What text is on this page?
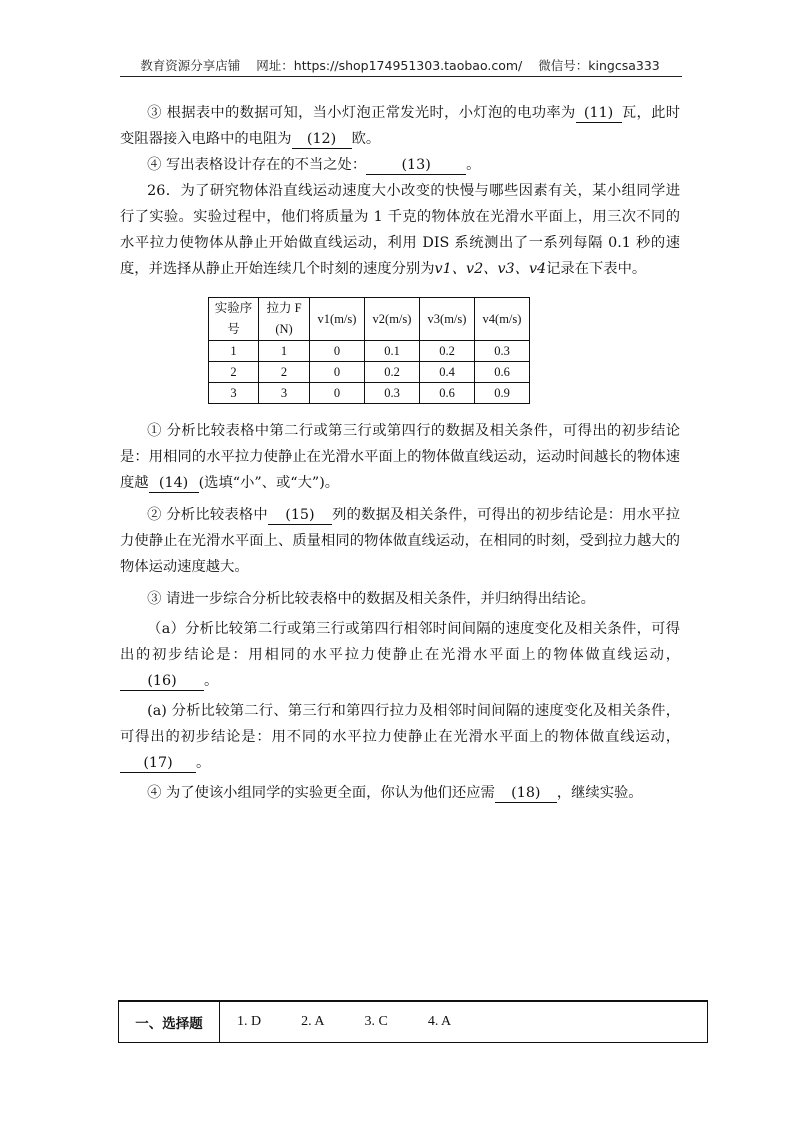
教育资源分享店铺 网址：https://shop174951303.taobao.com/ 微信号：kingcsa333

③ 根据表中的数据可知，当小灯泡正常发光时，小灯泡的电功率为 (11) 瓦，此时变阻器接入电路中的电阻为 (12) 欧。

④ 写出表格设计存在的不当之处： (13) 。

26．为了研究物体沿直线运动速度大小改变的快慢与哪些因素有关，某小组同学进行了实验。实验过程中，他们将质量为 1 千克的物体放在光滑水平面上，用三次不同的水平拉力使物体从静止开始做直线运动，利用 DIS 系统测出了一系列每隔 0.1 秒的速度，并选择从静止开始连续几个时刻的速度分别为v1、v2、v3、v4记录在下表中。

实验序号	拉力 F (N)	v1(m/s)	v2(m/s)	v3(m/s)	v4(m/s)
1	1	0	0.1	0.2	0.3
2	2	0	0.2	0.4	0.6
3	3	0	0.3	0.6	0.9

① 分析比较表格中第二行或第三行或第四行的数据及相关条件，可得出的初步结论是：用相同的水平拉力使静止在光滑水平面上的物体做直线运动，运动时间越长的物体速度越 (14) (选填“小”、或“大”)。

② 分析比较表格中 (15) 列的数据及相关条件，可得出的初步结论是：用水平拉力使静止在光滑水平面上、质量相同的物体做直线运动，在相同的时刻，受到拉力越大的物体运动速度越大。

③ 请进一步综合分析比较表格中的数据及相关条件，并归纳得出结论。

（a）分析比较第二行或第三行或第四行相邻时间间隔的速度变化及相关条件，可得出的初步结论是：用相同的水平拉力使静止在光滑水平面上的物体做直线运动，(16) 。

(a) 分析比较第二行、第三行和第四行拉力及相邻时间间隔的速度变化及相关条件，可得出的初步结论是：用不同的水平拉力使静止在光滑水平面上的物体做直线运动，(17) 。

④ 为了使该小组同学的实验更全面，你认为他们还应需 (18) ，继续实验。

一、选择题	1. D	2. A	3. C	4. A
